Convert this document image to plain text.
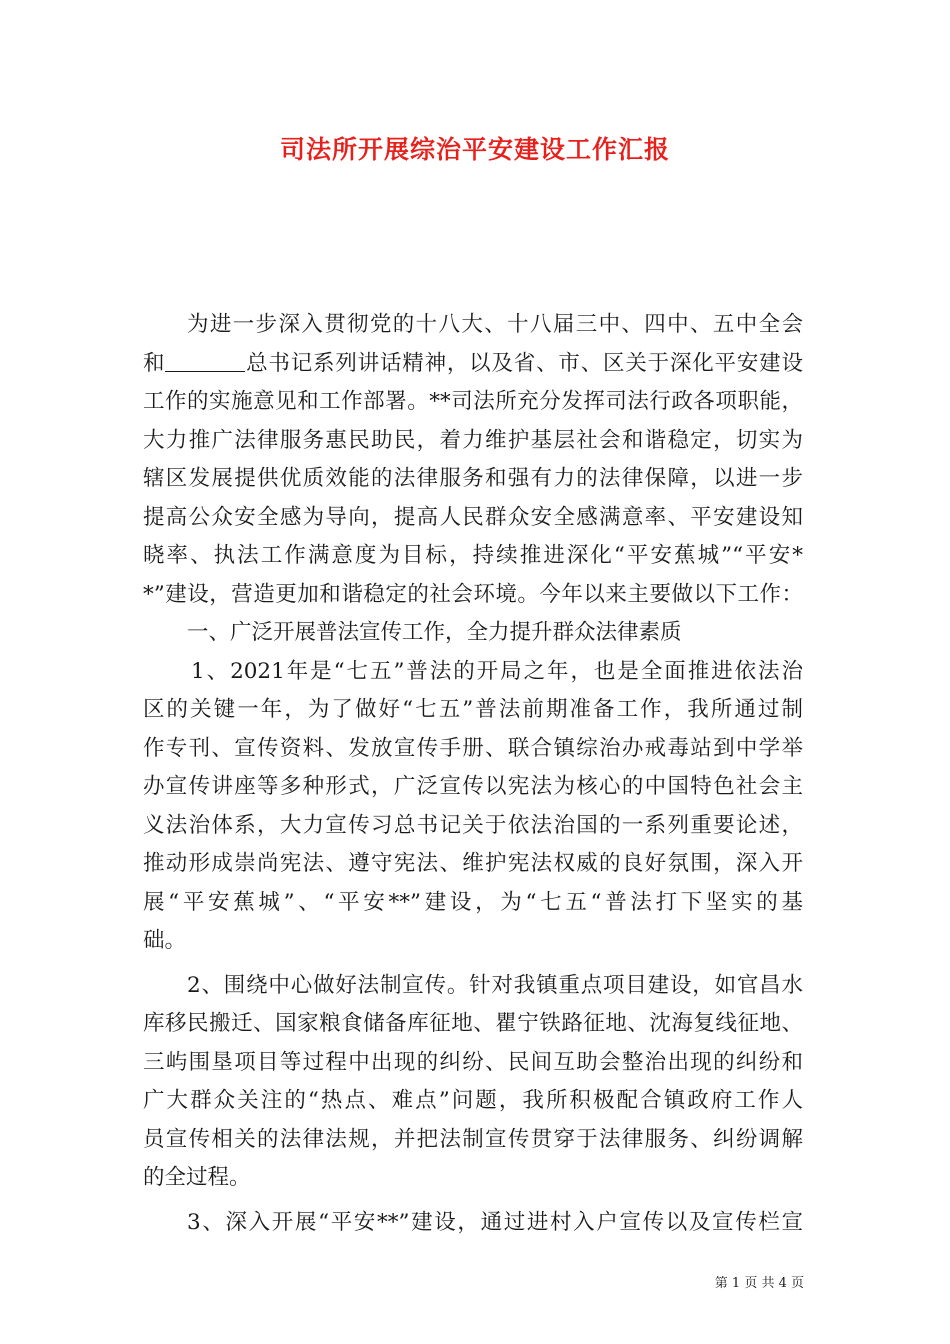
司法所开展综治平安建设工作汇报
为进一步深入贯彻党的十八大、十八届三中、四中、五中全会
和	总书记系列讲话精神，以及省、市、区关于深化平安建设
工作的实施意见和工作部署。**司法所充分发挥司法行政各项职能，
大力推广法律服务惠民助民，着力维护基层社会和谐稳定，切实为
辖区发展提供优质效能的法律服务和强有力的法律保障，以进一步
提高公众安全感为导向，提高人民群众安全感满意率、平安建设知
晓率、执法工作满意度为目标，持续推进深化“平安蕉城”“平安*
*”建设，营造更加和谐稳定的社会环境。今年以来主要做以下工作：
一、广泛开展普法宣传工作，全力提升群众法律素质
1、2021年是“七五”普法的开局之年，也是全面推进依法治
区的关键一年，为了做好“七五”普法前期准备工作，我所通过制
作专刊、宣传资料、发放宣传手册、联合镇综治办戒毒站到中学举
办宣传讲座等多种形式，广泛宣传以宪法为核心的中国特色社会主
义法治体系，大力宣传习总书记关于依法治国的一系列重要论述，
推动形成崇尚宪法、遵守宪法、维护宪法权威的良好氛围，深入开
展“平安蕉城”、“平安**”建设，为“七五“普法打下坚实的基
础。
2、围绕中心做好法制宣传。针对我镇重点项目建设，如官昌水
库移民搬迁、国家粮食储备库征地、瞿宁铁路征地、沈海复线征地、
三屿围垦项目等过程中出现的纠纷、民间互助会整治出现的纠纷和
广大群众关注的“热点、难点”问题，我所积极配合镇政府工作人
员宣传相关的法律法规，并把法制宣传贯穿于法律服务、纠纷调解
的全过程。
3、深入开展“平安**”建设，通过进村入户宣传以及宣传栏宣
第 1 页 共 4 页
